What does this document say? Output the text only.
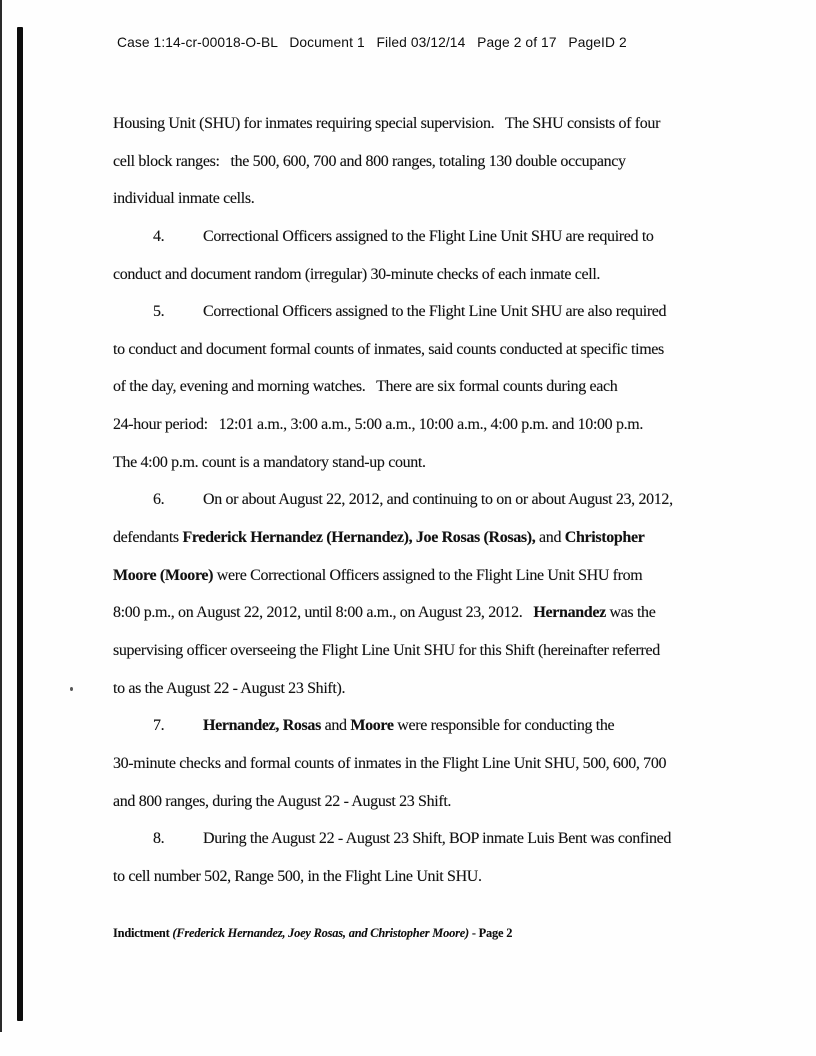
Case 1:14-cr-00018-O-BL   Document 1   Filed 03/12/14   Page 2 of 17   PageID 2
Housing Unit (SHU) for inmates requiring special supervision.   The SHU consists of four
cell block ranges:   the 500, 600, 700 and 800 ranges, totaling 130 double occupancy
individual inmate cells.
4. Correctional Officers assigned to the Flight Line Unit SHU are required to
conduct and document random (irregular) 30-minute checks of each inmate cell.
5. Correctional Officers assigned to the Flight Line Unit SHU are also required
to conduct and document formal counts of inmates, said counts conducted at specific times
of the day, evening and morning watches.   There are six formal counts during each
24-hour period:   12:01 a.m., 3:00 a.m., 5:00 a.m., 10:00 a.m., 4:00 p.m. and 10:00 p.m.
The 4:00 p.m. count is a mandatory stand-up count.
6. On or about August 22, 2012, and continuing to on or about August 23, 2012,
defendants Frederick Hernandez (Hernandez), Joe Rosas (Rosas), and Christopher
Moore (Moore) were Correctional Officers assigned to the Flight Line Unit SHU from
8:00 p.m., on August 22, 2012, until 8:00 a.m., on August 23, 2012.   Hernandez was the
supervising officer overseeing the Flight Line Unit SHU for this Shift (hereinafter referred
to as the August 22 - August 23 Shift).
7. Hernandez, Rosas and Moore were responsible for conducting the
30-minute checks and formal counts of inmates in the Flight Line Unit SHU, 500, 600, 700
and 800 ranges, during the August 22 - August 23 Shift.
8. During the August 22 - August 23 Shift, BOP inmate Luis Bent was confined
to cell number 502, Range 500, in the Flight Line Unit SHU.
Indictment (Frederick Hernandez, Joey Rosas, and Christopher Moore) - Page 2
